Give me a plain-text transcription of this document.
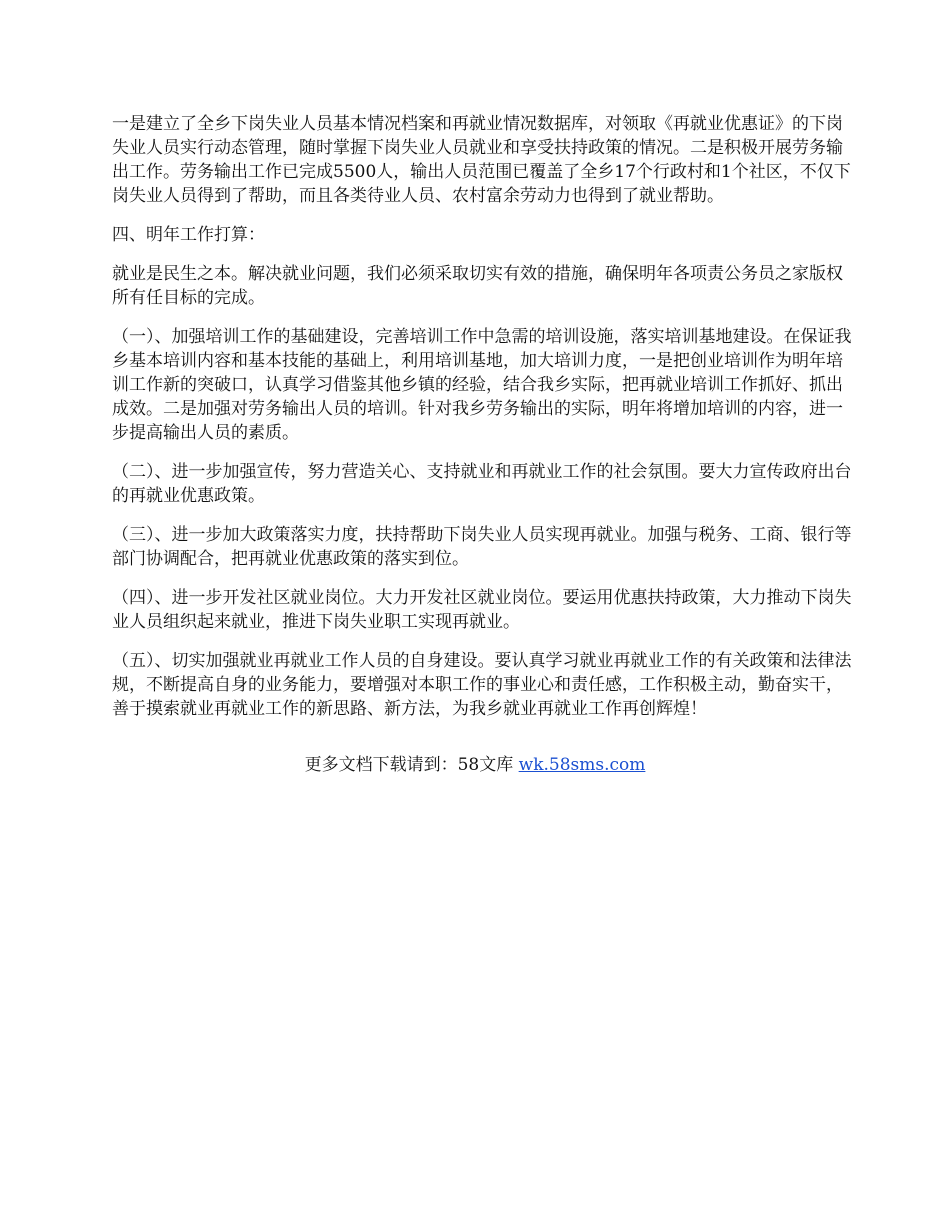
一是建立了全乡下岗失业人员基本情况档案和再就业情况数据库，对领取《再就业优惠证》的下岗失业人员实行动态管理，随时掌握下岗失业人员就业和享受扶持政策的情况。二是积极开展劳务输出工作。劳务输出工作已完成5500人，输出人员范围已覆盖了全乡17个行政村和1个社区，不仅下岗失业人员得到了帮助，而且各类待业人员、农村富余劳动力也得到了就业帮助。

四、明年工作打算：

就业是民生之本。解决就业问题，我们必须采取切实有效的措施，确保明年各项责公务员之家版权所有任目标的完成。

（一）、加强培训工作的基础建设，完善培训工作中急需的培训设施，落实培训基地建设。在保证我乡基本培训内容和基本技能的基础上，利用培训基地，加大培训力度，一是把创业培训作为明年培训工作新的突破口，认真学习借鉴其他乡镇的经验，结合我乡实际，把再就业培训工作抓好、抓出成效。二是加强对劳务输出人员的培训。针对我乡劳务输出的实际，明年将增加培训的内容，进一步提高输出人员的素质。

（二）、进一步加强宣传，努力营造关心、支持就业和再就业工作的社会氛围。要大力宣传政府出台的再就业优惠政策。

（三）、进一步加大政策落实力度，扶持帮助下岗失业人员实现再就业。加强与税务、工商、银行等部门协调配合，把再就业优惠政策的落实到位。

（四）、进一步开发社区就业岗位。大力开发社区就业岗位。要运用优惠扶持政策，大力推动下岗失业人员组织起来就业，推进下岗失业职工实现再就业。

（五）、切实加强就业再就业工作人员的自身建设。要认真学习就业再就业工作的有关政策和法律法规，不断提高自身的业务能力，要增强对本职工作的事业心和责任感，工作积极主动，勤奋实干，善于摸索就业再就业工作的新思路、新方法，为我乡就业再就业工作再创辉煌！

更多文档下载请到：58文库 wk.58sms.com
